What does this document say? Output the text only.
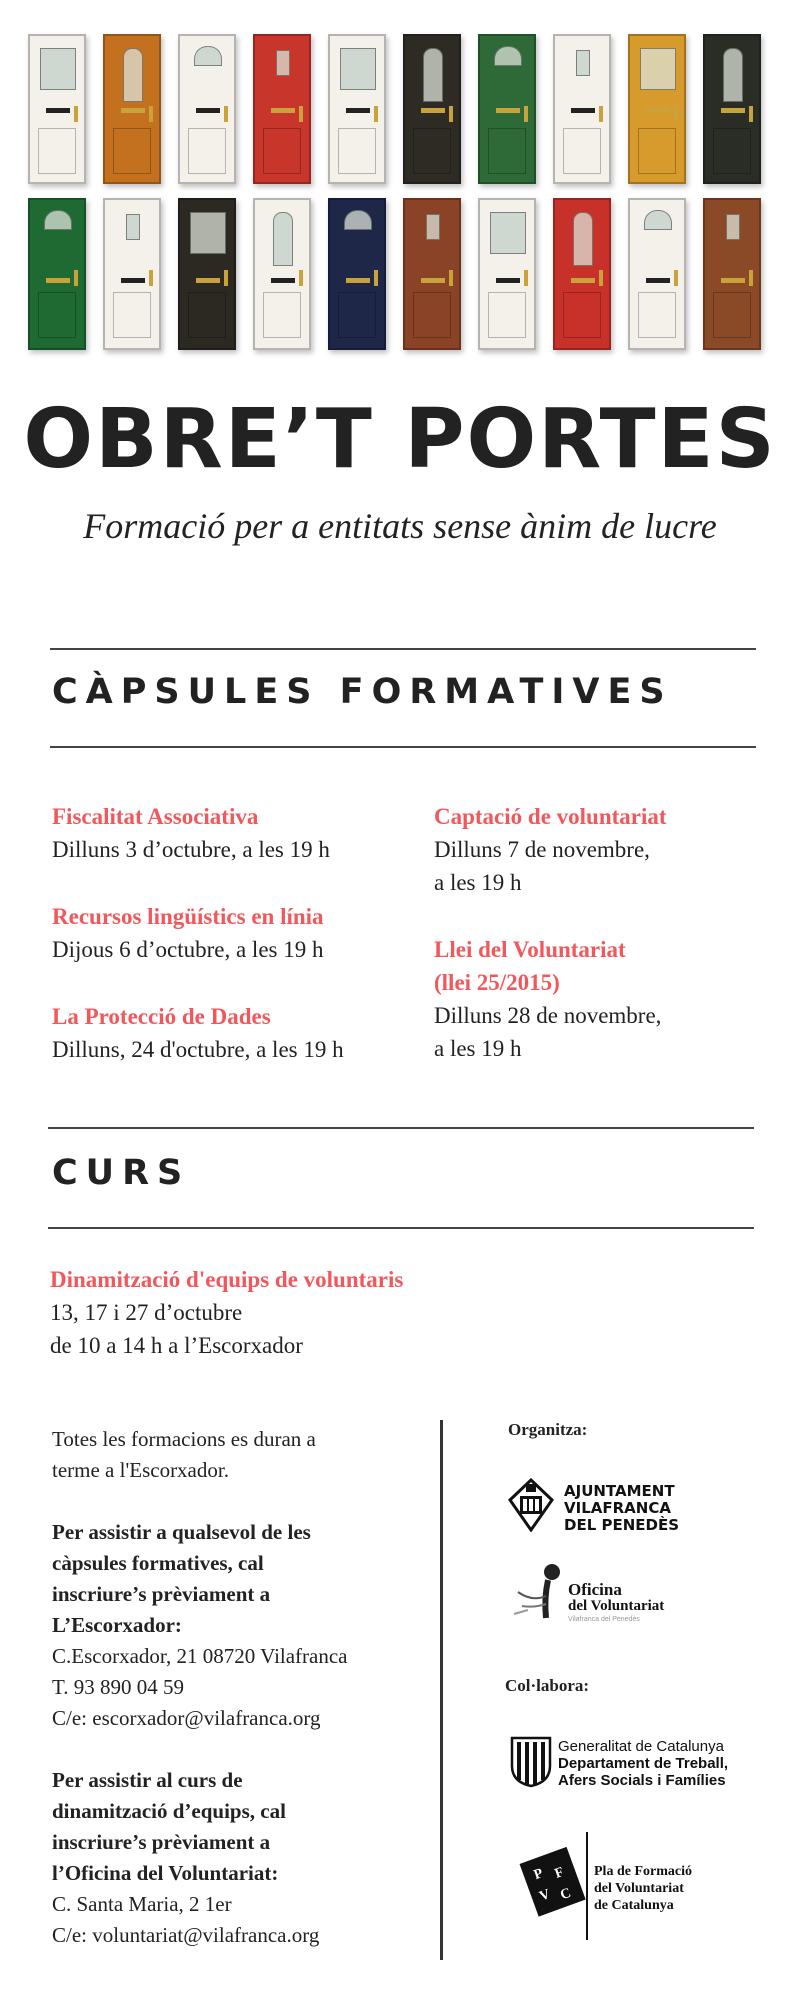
OBRE’T PORTES
Formació per a entitats sense ànim de lucre
CÀPSULES FORMATIVES
Fiscalitat Associativa
Dilluns 3 d’octubre, a les 19 h
Recursos lingüístics en línia
Dijous 6 d’octubre, a les 19 h
La Protecció de Dades
Dilluns, 24 d'octubre, a les 19 h
Captació de voluntariat
Dilluns 7 de novembre,
a les 19 h
Llei del Voluntariat
(llei 25/2015)
Dilluns 28 de novembre,
a les 19 h
CURS
Dinamització d'equips de voluntaris
13, 17 i 27 d’octubre
de 10 a 14 h a l’Escorxador
Totes les formacions es duran a
terme a l'Escorxador.
Per assistir a qualsevol de les
càpsules formatives, cal
inscriure’s prèviament a
L’Escorxador:
C.Escorxador, 21 08720 Vilafranca
T. 93 890 04 59
C/e: escorxador@vilafranca.org
Per assistir al curs de
dinamització d’equips, cal
inscriure’s prèviament a
l’Oficina del Voluntariat:
C. Santa Maria, 2 1er
C/e: voluntariat@vilafranca.org
Organitza:
AJUNTAMENT
VILAFRANCA
DEL PENEDÈS
Oficina
del Voluntariat
Vilafranca del Penedès
Col·labora:
Generalitat de Catalunya
Departament de Treball,
Afers Socials i Famílies
P F
V C
Pla de Formació
del Voluntariat
de Catalunya
